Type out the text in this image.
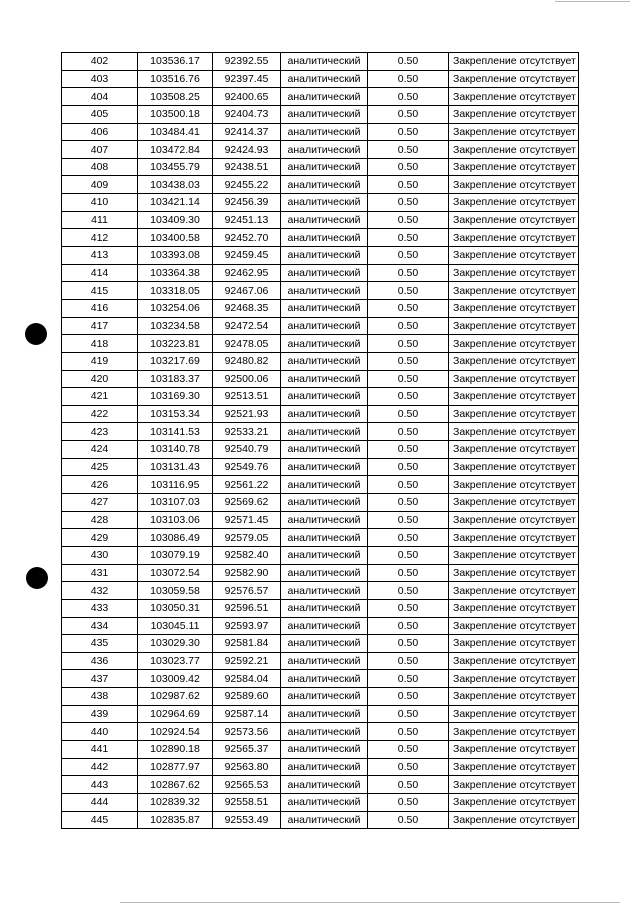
402	103536.17	92392.55	аналитический	0.50	Закрепление отсутствует
403	103516.76	92397.45	аналитический	0.50	Закрепление отсутствует
404	103508.25	92400.65	аналитический	0.50	Закрепление отсутствует
405	103500.18	92404.73	аналитический	0.50	Закрепление отсутствует
406	103484.41	92414.37	аналитический	0.50	Закрепление отсутствует
407	103472.84	92424.93	аналитический	0.50	Закрепление отсутствует
408	103455.79	92438.51	аналитический	0.50	Закрепление отсутствует
409	103438.03	92455.22	аналитический	0.50	Закрепление отсутствует
410	103421.14	92456.39	аналитический	0.50	Закрепление отсутствует
411	103409.30	92451.13	аналитический	0.50	Закрепление отсутствует
412	103400.58	92452.70	аналитический	0.50	Закрепление отсутствует
413	103393.08	92459.45	аналитический	0.50	Закрепление отсутствует
414	103364.38	92462.95	аналитический	0.50	Закрепление отсутствует
415	103318.05	92467.06	аналитический	0.50	Закрепление отсутствует
416	103254.06	92468.35	аналитический	0.50	Закрепление отсутствует
417	103234.58	92472.54	аналитический	0.50	Закрепление отсутствует
418	103223.81	92478.05	аналитический	0.50	Закрепление отсутствует
419	103217.69	92480.82	аналитический	0.50	Закрепление отсутствует
420	103183.37	92500.06	аналитический	0.50	Закрепление отсутствует
421	103169.30	92513.51	аналитический	0.50	Закрепление отсутствует
422	103153.34	92521.93	аналитический	0.50	Закрепление отсутствует
423	103141.53	92533.21	аналитический	0.50	Закрепление отсутствует
424	103140.78	92540.79	аналитический	0.50	Закрепление отсутствует
425	103131.43	92549.76	аналитический	0.50	Закрепление отсутствует
426	103116.95	92561.22	аналитический	0.50	Закрепление отсутствует
427	103107.03	92569.62	аналитический	0.50	Закрепление отсутствует
428	103103.06	92571.45	аналитический	0.50	Закрепление отсутствует
429	103086.49	92579.05	аналитический	0.50	Закрепление отсутствует
430	103079.19	92582.40	аналитический	0.50	Закрепление отсутствует
431	103072.54	92582.90	аналитический	0.50	Закрепление отсутствует
432	103059.58	92576.57	аналитический	0.50	Закрепление отсутствует
433	103050.31	92596.51	аналитический	0.50	Закрепление отсутствует
434	103045.11	92593.97	аналитический	0.50	Закрепление отсутствует
435	103029.30	92581.84	аналитический	0.50	Закрепление отсутствует
436	103023.77	92592.21	аналитический	0.50	Закрепление отсутствует
437	103009.42	92584.04	аналитический	0.50	Закрепление отсутствует
438	102987.62	92589.60	аналитический	0.50	Закрепление отсутствует
439	102964.69	92587.14	аналитический	0.50	Закрепление отсутствует
440	102924.54	92573.56	аналитический	0.50	Закрепление отсутствует
441	102890.18	92565.37	аналитический	0.50	Закрепление отсутствует
442	102877.97	92563.80	аналитический	0.50	Закрепление отсутствует
443	102867.62	92565.53	аналитический	0.50	Закрепление отсутствует
444	102839.32	92558.51	аналитический	0.50	Закрепление отсутствует
445	102835.87	92553.49	аналитический	0.50	Закрепление отсутствует
